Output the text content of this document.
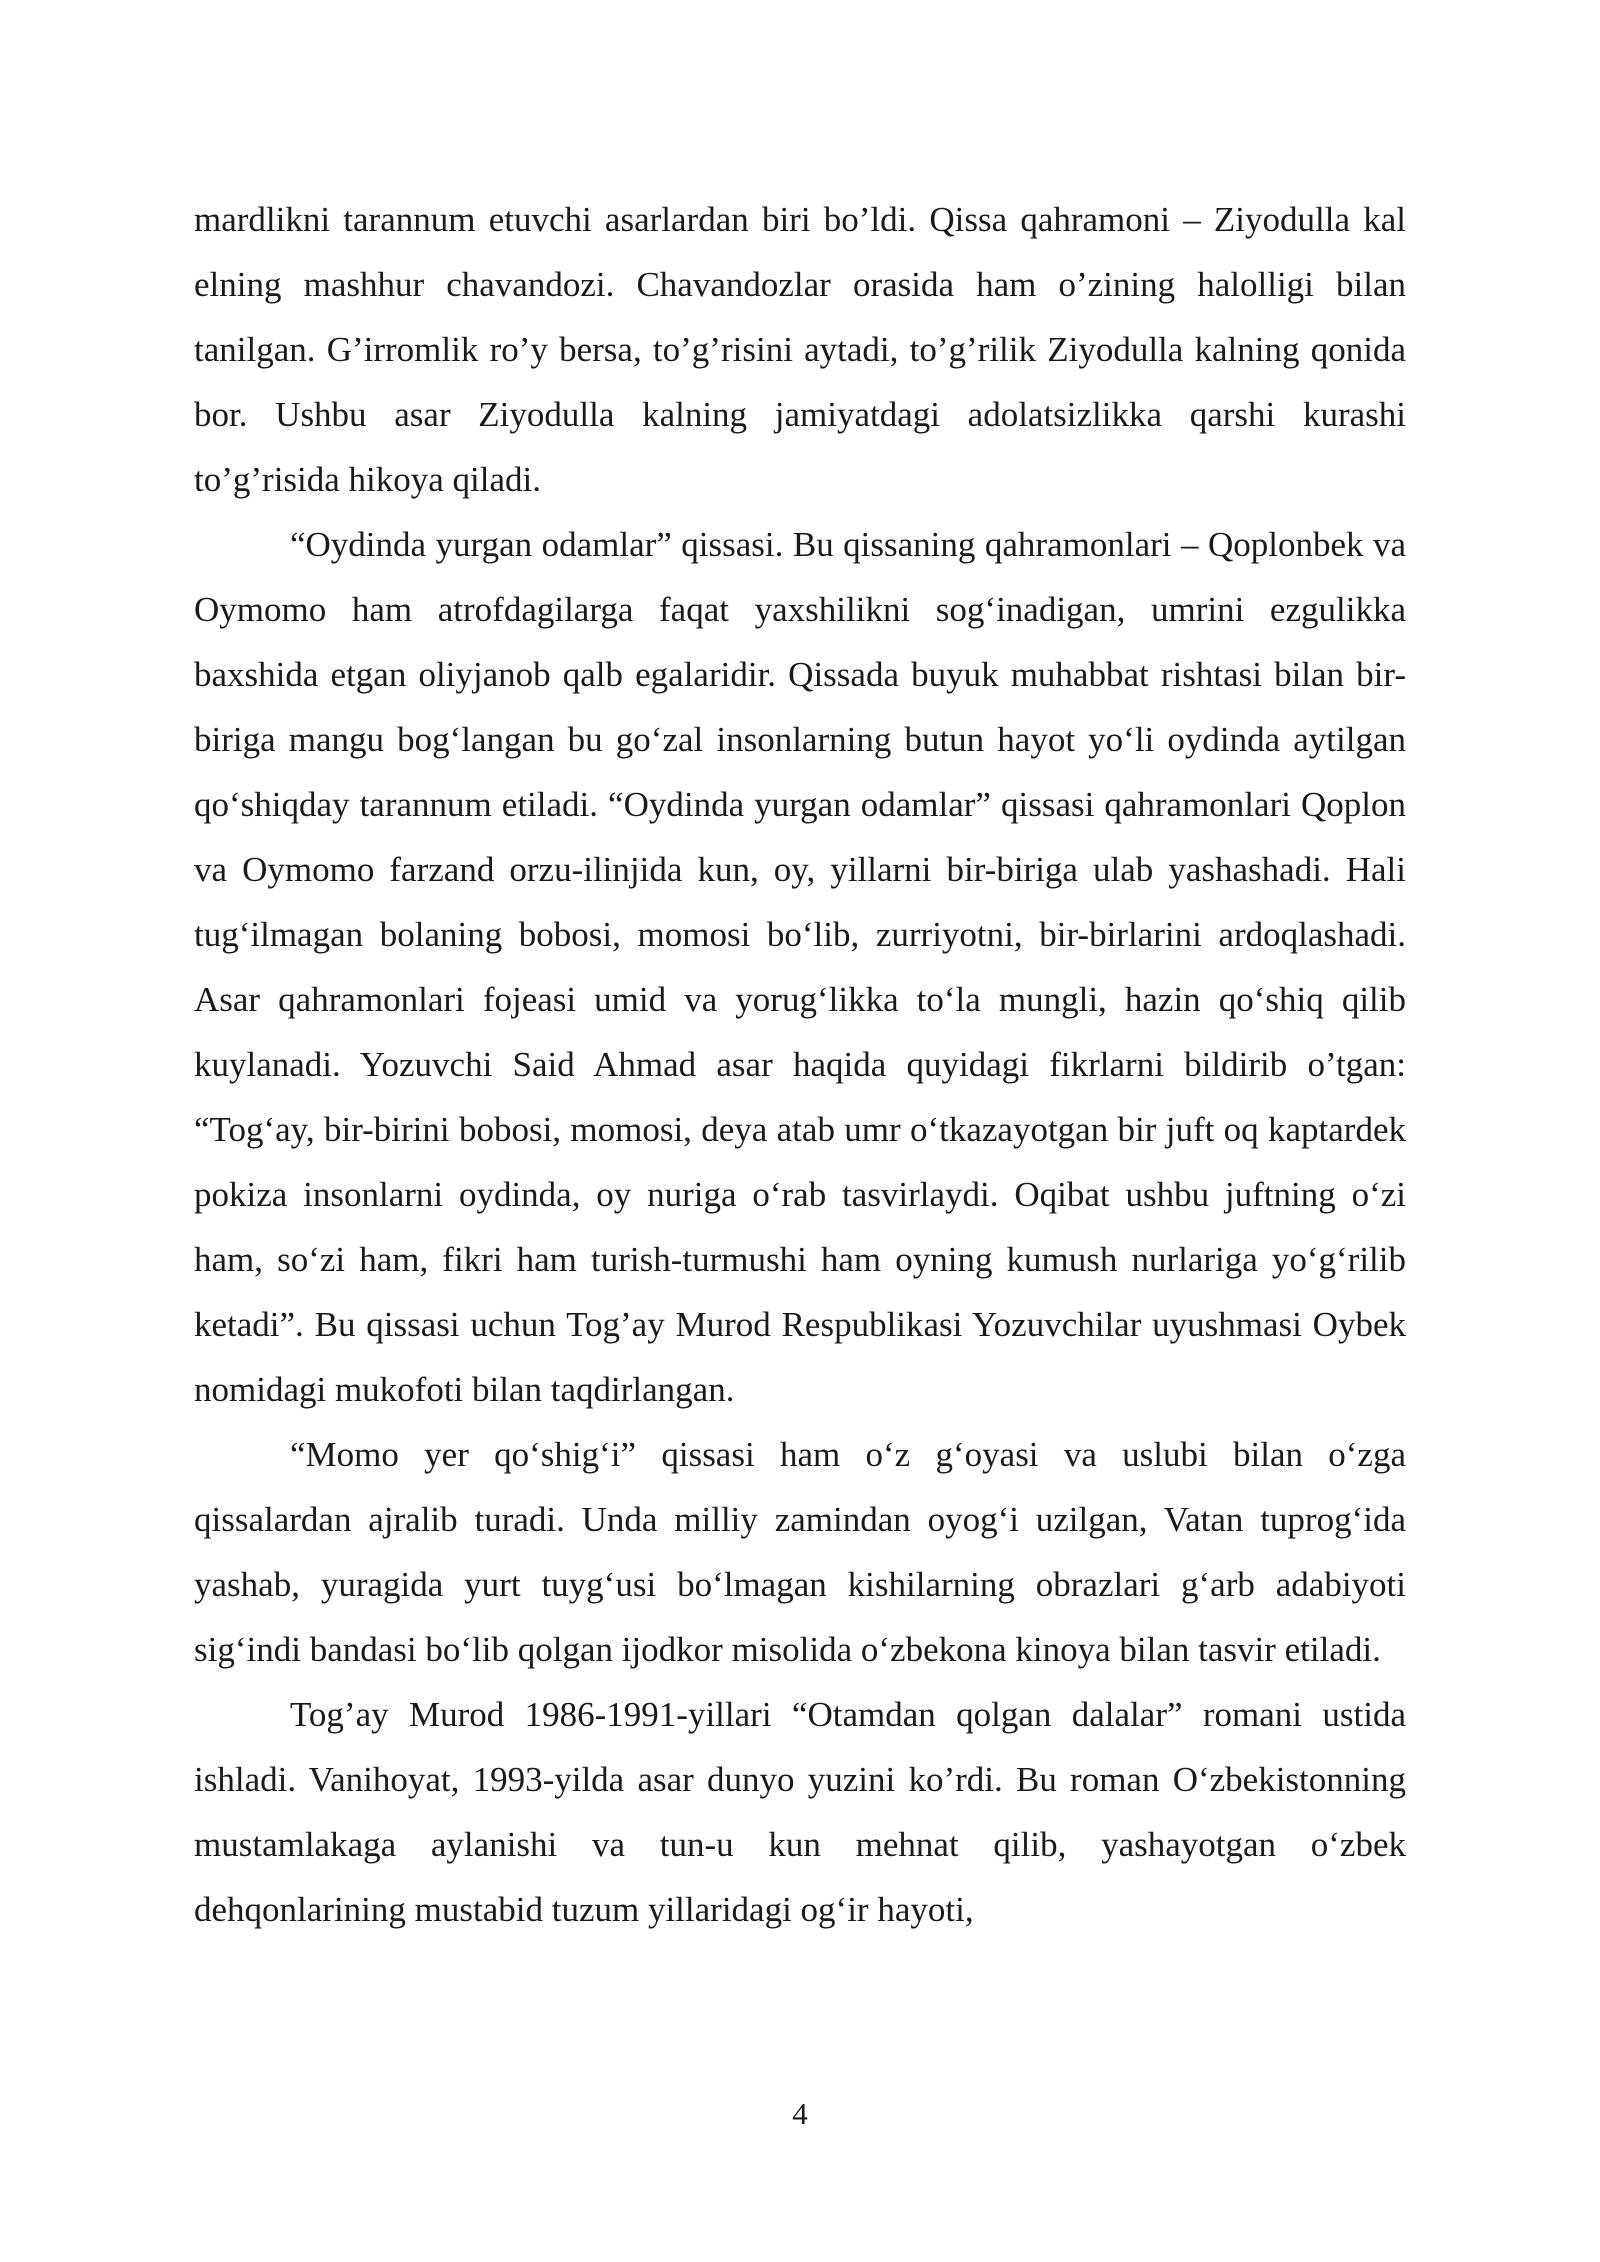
mardlikni tarannum etuvchi asarlardan biri bo’ldi. Qissa qahramoni – Ziyodulla kal elning mashhur chavandozi. Chavandozlar orasida ham o’zining halolligi bilan tanilgan. G’irromlik ro’y bersa, to’g’risini aytadi, to’g’rilik Ziyodulla kalning qonida bor. Ushbu asar Ziyodulla kalning jamiyatdagi adolatsizlikka qarshi kurashi to’g’risida hikoya qiladi.

“Oydinda yurgan odamlar” qissasi. Bu qissaning qahramonlari – Qoplonbek va Oymomo ham atrofdagilarga faqat yaxshilikni sog‘inadigan, umrini ezgulikka baxshida etgan oliyjanob qalb egalaridir. Qissada buyuk muhabbat rishtasi bilan bir-biriga mangu bog‘langan bu go‘zal insonlarning butun hayot yo‘li oydinda aytilgan qo‘shiqday tarannum etiladi. “Oydinda yurgan odamlar” qissasi qahramonlari Qoplon va Oymomo farzand orzu-ilinjida kun, oy, yillarni bir-biriga ulab yashashadi. Hali tug‘ilmagan bolaning bobosi, momosi bo‘lib, zurriyotni, bir-birlarini ardoqlashadi. Asar qahramonlari fojeasi umid va yorug‘likka to‘la mungli, hazin qo‘shiq qilib kuylanadi. Yozuvchi Said Ahmad asar haqida quyidagi fikrlarni bildirib o’tgan: “Tog‘ay, bir-birini bobosi, momosi, deya atab umr o‘tkazayotgan bir juft oq kaptardek pokiza insonlarni oydinda, oy nuriga o‘rab tasvirlaydi. Oqibat ushbu juftning o‘zi ham, so‘zi ham, fikri ham turish-turmushi ham oyning kumush nurlariga yo‘g‘rilib ketadi”. Bu qissasi uchun Tog’ay Murod Respublikasi Yozuvchilar uyushmasi Oybek nomidagi mukofoti bilan taqdirlangan.

“Momo yer qo‘shig‘i” qissasi ham o‘z g‘oyasi va uslubi bilan o‘zga qissalardan ajralib turadi. Unda milliy zamindan oyog‘i uzilgan, Vatan tuprog‘ida yashab, yuragida yurt tuyg‘usi bo‘lmagan kishilarning obrazlari g‘arb adabiyoti sig‘indi bandasi bo‘lib qolgan ijodkor misolida o‘zbekona kinoya bilan tasvir etiladi.

Tog’ay Murod 1986-1991-yillari “Otamdan qolgan dalalar” romani ustida ishladi. Vanihoyat, 1993-yilda asar dunyo yuzini ko’rdi. Bu roman O‘zbekistonning mustamlakaga aylanishi va tun-u kun mehnat qilib, yashayotgan o‘zbek dehqonlarining mustabid tuzum yillaridagi og‘ir hayoti,

4
